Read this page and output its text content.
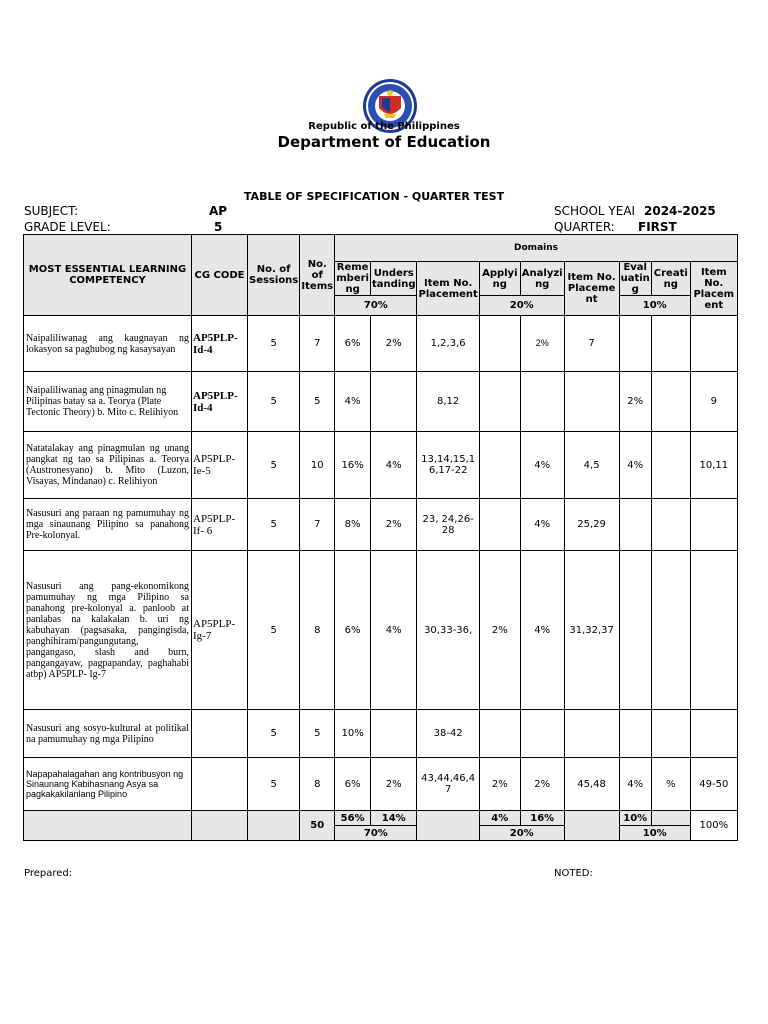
Republic of the Philippines
Department of Education
TABLE OF SPECIFICATION - QUARTER TEST
SUBJECT:	AP
GRADE LEVEL:	5
SCHOOL YEAI 2024-2025
QUARTER: FIRST
MOST ESSENTIAL LEARNING COMPETENCY	CG CODE	No. of Sessions	No. of Items	Domains								
				Reme mberi ng	Unders tanding	Item No. Placement	Applyi ng	Analyzi ng	Item No. Placeme nt	Eval uatin g	Creati ng	Item No. Placem ent
				70%			20%			10%		
Naipaliliwanag ang kaugnayan ng lokasyon sa paghubog ng kasaysayan	AP5PLP-Id-4	5	7	6%	2%	1,2,3,6		2%	7			
Naipaliliwanag ang pinagmulan ng Pilipinas batay sa a. Teorya (Plate Tectonic Theory) b. Mito c. Relihiyon	AP5PLP-Id-4	5	5	4%		8,12				2%		9
Natatalakay ang pinagmulan ng unang pangkat ng tao sa Pilipinas a. Teorya (Austronesyano) b. Mito (Luzon, Visayas, Mindanao) c. Relihiyon	AP5PLP-Ie-5	5	10	16%	4%	13,14,15,16,17-22		4%	4,5	4%		10,11
Nasusuri ang paraan ng pamumuhay ng mga sinaunang Pilipino sa panahong Pre-kolonyal.	AP5PLP-If- 6	5	7	8%	2%	23, 24,26-28		4%	25,29			
Nasusuri ang pang-ekonomikong pamumuhay ng mga Pilipino sa panahong pre-kolonyal a. panloob at panlabas na kalakalan b. uri ng kabuhayan (pagsasaka, pangingisda, panghihiram/pangungutang, pangangaso, slash and burn, pangangayaw, pagpapanday, paghahabi atbp) AP5PLP- Ig-7	AP5PLP-Ig-7	5	8	6%	4%	30,33-36,	2%	4%	31,32,37			
Nasusuri ang sosyo-kultural at politikal na pamumuhay ng mga Pilipino		5	5	10%		38-42						
Napapahalagahan ang kontribusyon ng Sinaunang Kabihasnang Asya sa pagkakakilanlang Pilipino		5	8	6%	2%	43,44,46,47	2%	2%	45,48	4%	%	49-50
			50	56%	14%		4%	16%		10%		100%
				70%			20%			10%		
Prepared:	NOTED:
